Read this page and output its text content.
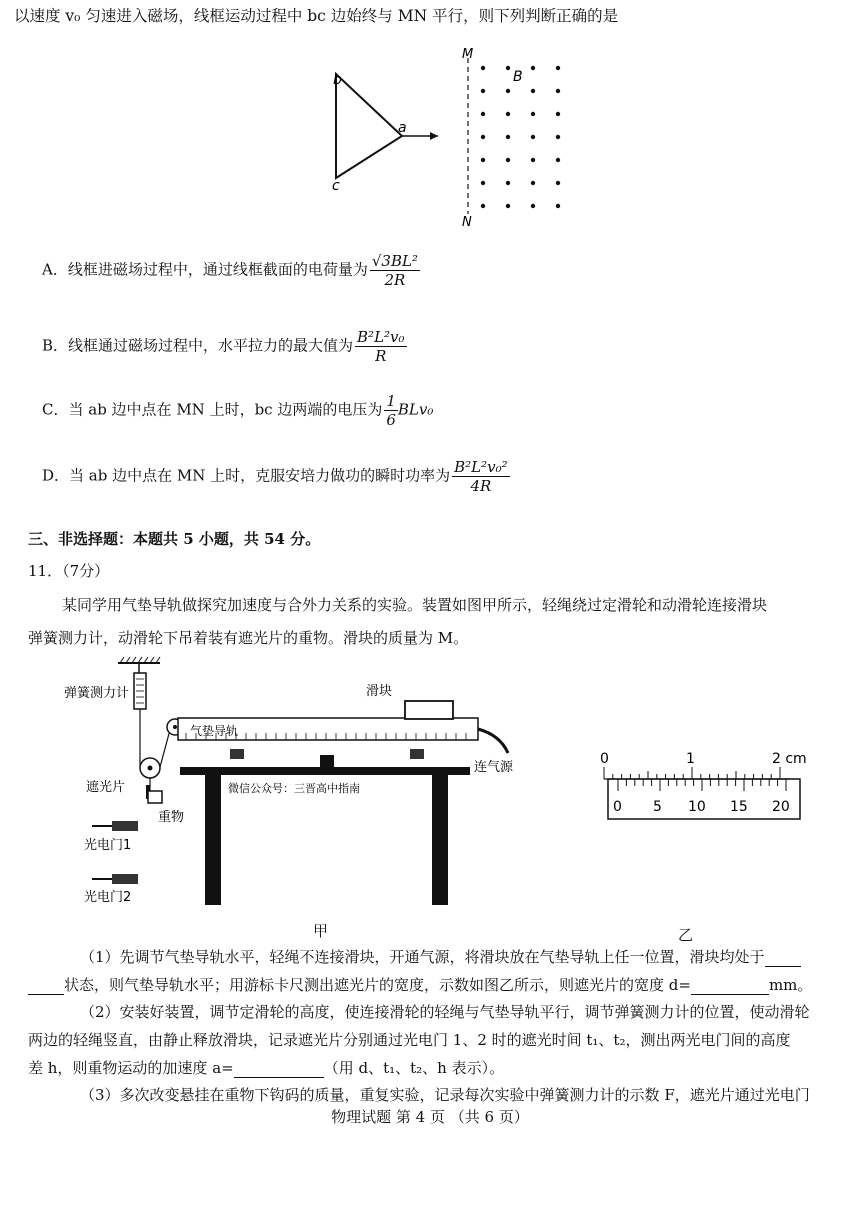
以速度 v₀ 匀速进入磁场，线框运动过程中 bc 边始终与 MN 平行，则下列判断正确的是
b
a
c
M
N
B
A．线框进磁场过程中，通过线框截面的电荷量为 $\frac{\text{√3BL²}}{2R}$
B．线框通过磁场过程中，水平拉力的最大值为 $\frac{\text{B²L²v₀}}{R}$
C．当 ab 边中点在 MN 上时，bc 边两端的电压为 $\frac{1}{6} BLv_0$
D．当 ab 边中点在 MN 上时，克服安培力做功的瞬时功率为 $\frac{\text{B²L²v₀²}}{4R}$
三、非选择题：本题共 5 小题，共 54 分。
11．（7分）
某同学用气垫导轨做探究加速度与合外力关系的实验。装置如图甲所示，轻绳绕过定滑轮和动滑轮连接滑块
弹簧测力计，动滑轮下吊着装有遮光片的重物。滑块的质量为 M。
弹簧测力计	滑块
气垫导轨
连气源
遮光片
重物
光电门1
光电门2
微信公众号：三晋高中指南
0	1	2 cm
0 5 10 15 20
甲	乙
（1）先调节气垫导轨水平，轻绳不连接滑块，开通气源，将滑块放在气垫导轨上任一位置，滑块均处于
状态，则气垫导轨水平；用游标卡尺测出遮光片的宽度，示数如图乙所示，则遮光片的宽度 d=	mm。
（2）安装好装置，调节定滑轮的高度，使连接滑轮的轻绳与气垫导轨平行，调节弹簧测力计的位置，使动滑轮
两边的轻绳竖直，由静止释放滑块，记录遮光片分别通过光电门 1、2 时的遮光时间 t₁、t₂，测出两光电门间的高度
差 h，则重物运动的加速度 a=	（用 d、t₁、t₂、h 表示）。
（3）多次改变悬挂在重物下钩码的质量，重复实验，记录每次实验中弹簧测力计的示数 F，遮光片通过光电门
物理试题 第 4 页 （共 6 页）
